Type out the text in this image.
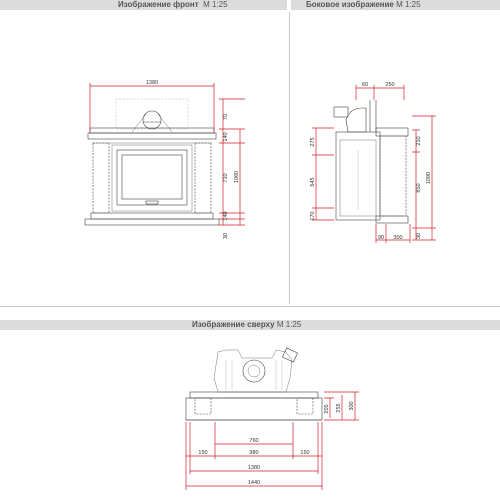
Изображение фронт M 1:25	Боковое изображение M 1:25
Изображение сверху M 1:25
1380
70
140
710
140
30
1060
60	250
275
645
170
210
850
30
1090
90 300
205 255 300
760
150	980	150
1380
1440
